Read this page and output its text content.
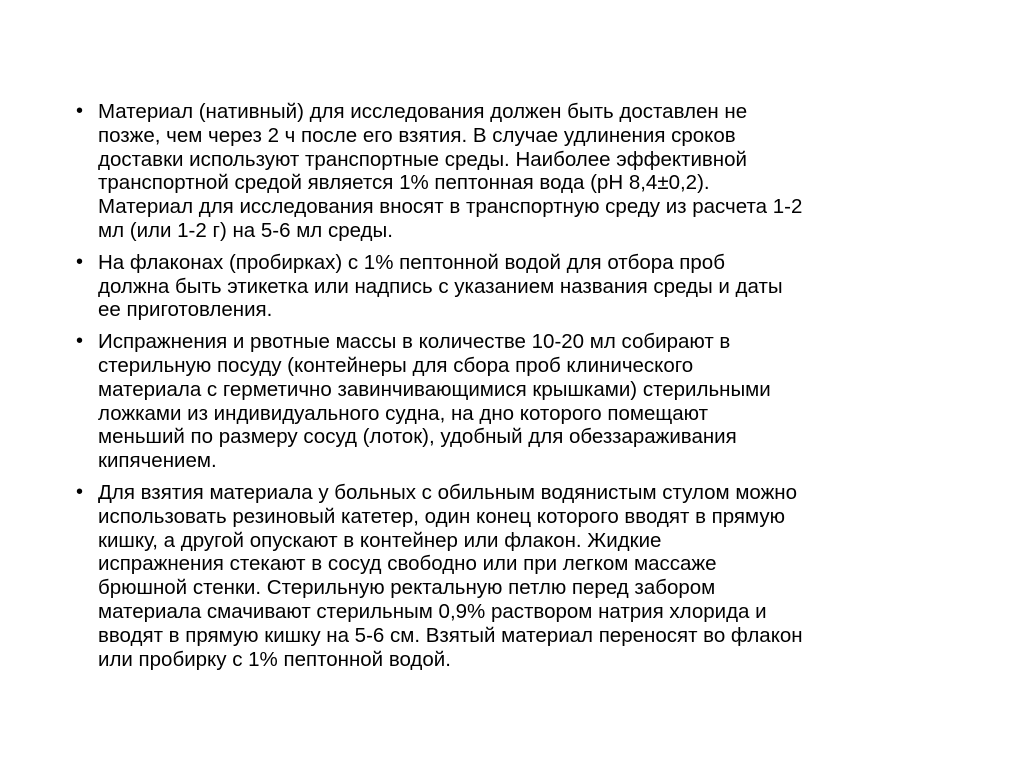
• Материал (нативный) для исследования должен быть доставлен не
позже, чем через 2 ч после его взятия. В случае удлинения сроков
доставки используют транспортные среды. Наиболее эффективной
транспортной средой является 1% пептонная вода (рН 8,4±0,2).
Материал для исследования вносят в транспортную среду из расчета 1-2
мл (или 1-2 г) на 5-6 мл среды.
• На флаконах (пробирках) с 1% пептонной водой для отбора проб
должна быть этикетка или надпись с указанием названия среды и даты
ее приготовления.
• Испражнения и рвотные массы в количестве 10-20 мл собирают в
стерильную посуду (контейнеры для сбора проб клинического
материала с герметично завинчивающимися крышками) стерильными
ложками из индивидуального судна, на дно которого помещают
меньший по размеру сосуд (лоток), удобный для обеззараживания
кипячением.
• Для взятия материала у больных с обильным водянистым стулом можно
использовать резиновый катетер, один конец которого вводят в прямую
кишку, а другой опускают в контейнер или флакон. Жидкие
испражнения стекают в сосуд свободно или при легком массаже
брюшной стенки. Стерильную ректальную петлю перед забором
материала смачивают стерильным 0,9% раствором натрия хлорида и
вводят в прямую кишку на 5-6 см. Взятый материал переносят во флакон
или пробирку с 1% пептонной водой.
